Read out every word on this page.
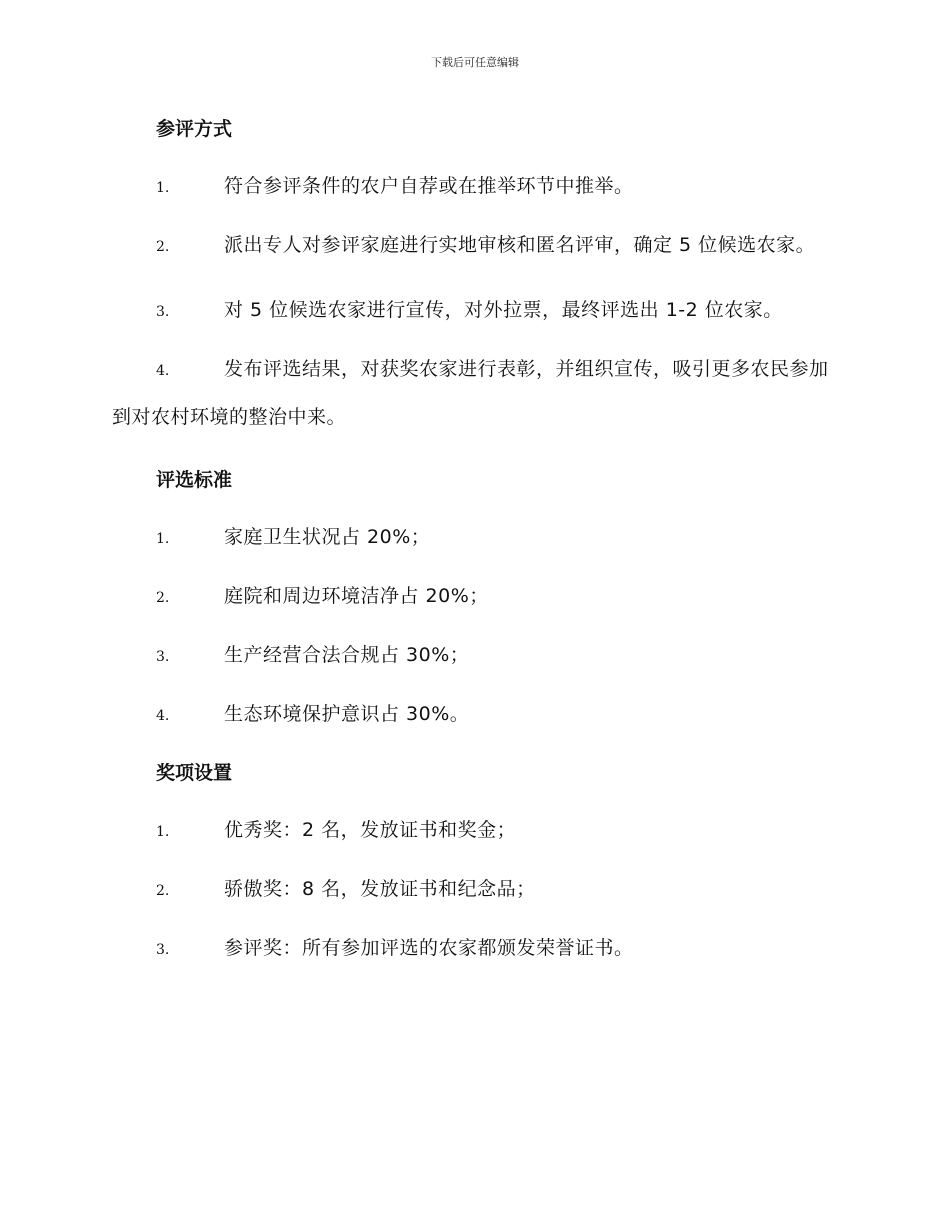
下载后可任意编辑
参评方式
1.	符合参评条件的农户自荐或在推举环节中推举。
2.	派出专人对参评家庭进行实地审核和匿名评审，确定 5 位候选农家。
3.	对 5 位候选农家进行宣传，对外拉票，最终评选出 1-2 位农家。
4.	发布评选结果，对获奖农家进行表彰，并组织宣传，吸引更多农民参加到对农村环境的整治中来。
评选标准
1.	家庭卫生状况占 20%；
2.	庭院和周边环境洁净占 20%；
3.	生产经营合法合规占 30%；
4.	生态环境保护意识占 30%。
奖项设置
1.	优秀奖：2 名，发放证书和奖金；
2.	骄傲奖：8 名，发放证书和纪念品；
3.	参评奖：所有参加评选的农家都颁发荣誉证书。
